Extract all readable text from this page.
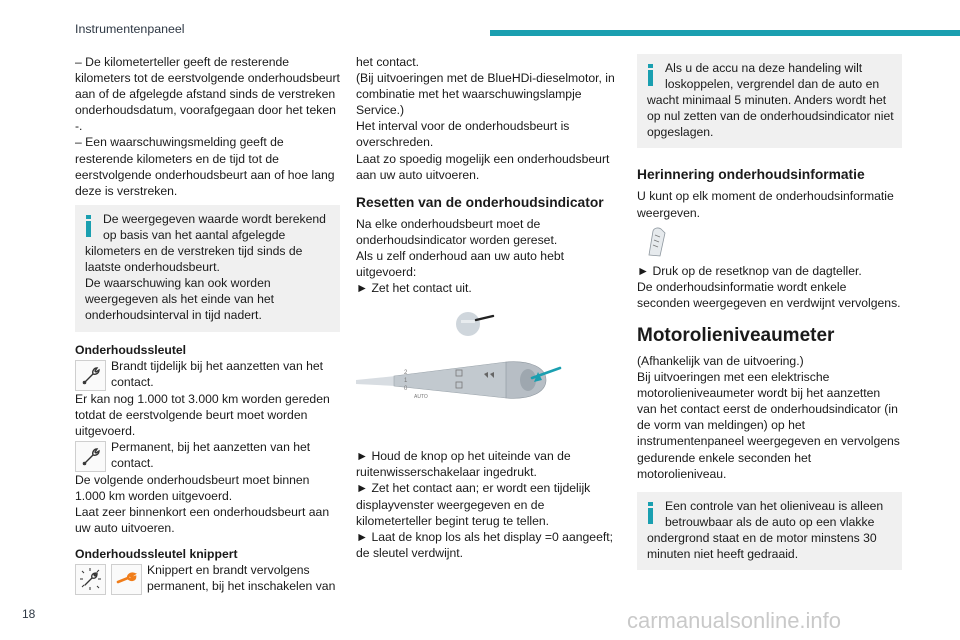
Instrumentenpaneel

– De kilometerteller geeft de resterende kilometers tot de eerstvolgende onderhoudsbeurt aan of de afgelegde afstand sinds de verstreken onderhoudsdatum, voorafgegaan door het teken -.

– Een waarschuwingsmelding geeft de resterende kilometers en de tijd tot de eerstvolgende onderhoudsbeurt aan of hoe lang deze is verstreken.

De weergegeven waarde wordt berekend

op basis van het aantal afgelegde

kilometers en de verstreken tijd sinds de laatste onderhoudsbeurt.

De waarschuwing kan ook worden weergegeven als het einde van het onderhoudsinterval in tijd nadert.

Onderhoudssleutel

Brandt tijdelijk bij het aanzetten van het contact.

Er kan nog 1.000 tot 3.000 km worden gereden totdat de eerstvolgende beurt moet worden uitgevoerd.

Permanent, bij het aanzetten van het contact.

De volgende onderhoudsbeurt moet binnen 1.000 km worden uitgevoerd.

Laat zeer binnenkort een onderhoudsbeurt aan uw auto uitvoeren.

Onderhoudssleutel knippert

Knippert en brandt vervolgens permanent, bij het inschakelen van

het contact.

(Bij uitvoeringen met de BlueHDi-dieselmotor, in combinatie met het waarschuwingslampje Service.)

Het interval voor de onderhoudsbeurt is overschreden.

Laat zo spoedig mogelijk een onderhoudsbeurt aan uw auto uitvoeren.

Resetten van de onderhoudsindicator

Na elke onderhoudsbeurt moet de onderhoudsindicator worden gereset.

Als u zelf onderhoud aan uw auto hebt uitgevoerd:

► Zet het contact uit.

2
1
0
AUTO

► Houd de knop op het uiteinde van de ruitenwisserschakelaar ingedrukt.

► Zet het contact aan; er wordt een tijdelijk displayvenster weergegeven en de kilometerteller begint terug te tellen.

► Laat de knop los als het display =0 aangeeft; de sleutel verdwijnt.

Als u de accu na deze handeling wilt

loskoppelen, vergrendel dan de auto en

wacht minimaal 5 minuten. Anders wordt het op nul zetten van de onderhoudsindicator niet opgeslagen.

Herinnering onderhoudsinformatie

U kunt op elk moment de onderhoudsinformatie weergeven.

► Druk op de resetknop van de dagteller.

De onderhoudsinformatie wordt enkele seconden weergegeven en verdwijnt vervolgens.

Motorolieniveaumeter

(Afhankelijk van de uitvoering.)

Bij uitvoeringen met een elektrische motorolieniveaumeter wordt bij het aanzetten van het contact eerst de onderhoudsindicator (in de vorm van meldingen) op het instrumentenpaneel weergegeven en vervolgens gedurende enkele seconden het motorolieniveau.

Een controle van het olieniveau is alleen

betrouwbaar als de auto op een vlakke

ondergrond staat en de motor minstens 30 minuten niet heeft gedraaid.

18	carmanualsonline.info
